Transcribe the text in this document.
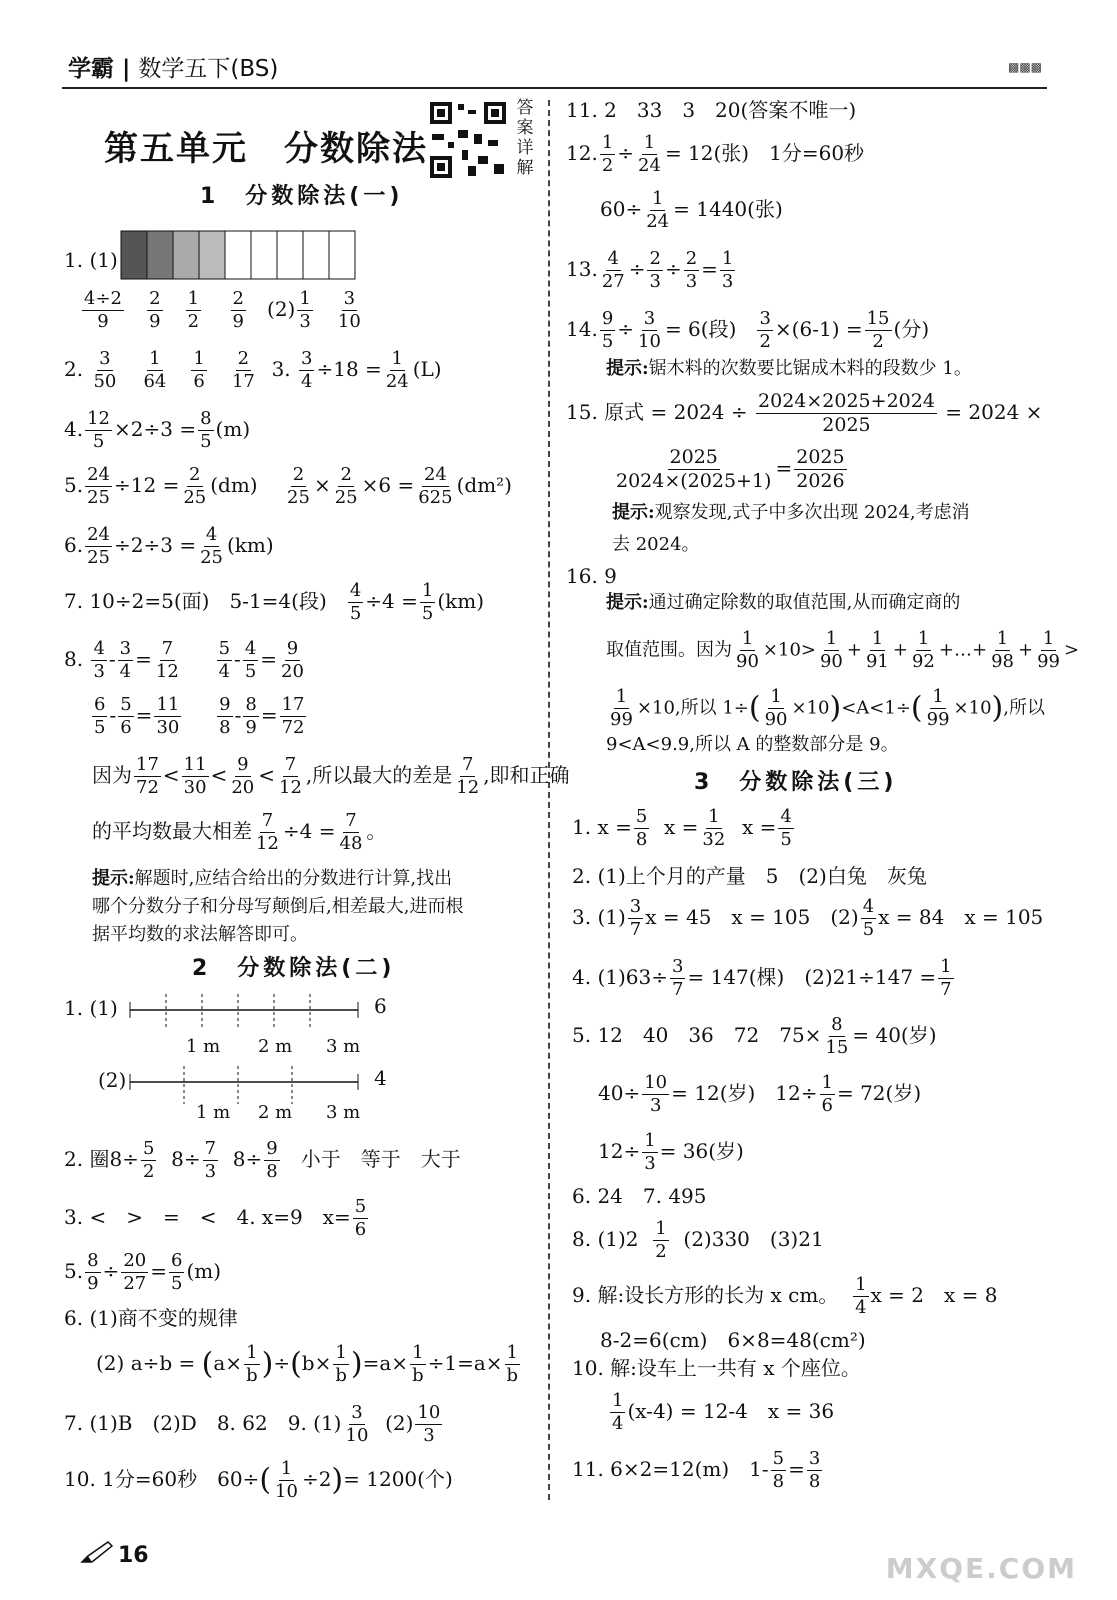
学霸 | 数学五下(BS)	▩▩▩
第五单元　分数除法
答
案
详
解
1　分数除法(一)
1. (1)
$\frac{4\div 2}{9}$
$\frac{2}{9}$
$\frac{1}{2}$
$\frac{2}{9} (2) \frac{1}{3}$
$\frac{3}{10}$
2. $\frac{3}{50}$
$\frac{1}{64}$
$\frac{1}{6}$
$\frac{2}{17} 3$. $\frac{3}{4} \div 18 = \frac{1}{24} (L)$
4. $\frac{12}{5} \times 2\div 3 = \frac{8}{5} (m)$
5. $\frac{24}{25} \div 12 = \frac{2}{25} (dm) \frac{2}{25} \times \frac{2}{25} \times 6 = \frac{24}{625} (dm^2)$
6. $\frac{24}{25} \div 2\div 3 = \frac{4}{25} (km)$
7. 10÷2=5(面)　5-1=4(段) $\frac{4}{5} \div 4 = \frac{1}{5} (km)$
8. $\frac{4}{3} - \frac{3}{4} = \frac{7}{12}$
$\frac{5}{4} - \frac{4}{5} = \frac{9}{20}$
$\frac{6}{5} - \frac{5}{6} = \frac{11}{30}$
$\frac{9}{8} - \frac{8}{9} = \frac{17}{72}$
因为 $\frac{17}{72} < \frac{11}{30} < \frac{9}{20} < \frac{7}{12}$ ,所以最大的差是 $\frac{7}{12}$ ,即和正确
的平均数最大相差 $\frac{7}{12} \div 4 = \frac{7}{48}$ 。
提示:解题时,应结合给出的分数进行计算,找出
哪个分数分子和分母写颠倒后,相差最大,进而根
据平均数的求法解答即可。
2　分数除法(二)
1. (1)	6
1 m 2 m 3 m
(2)	4
1 m 2 m 3 m
2. 圈$8\div \frac{5}{2} 8\div \frac{7}{3} 8\div \frac{9}{8}$ 小于　等于　大于
3. <　>　=　<　4. x=9　$x= \frac{5}{6}$
5. $\frac{8}{9} \div \frac{20}{27} = \frac{6}{5} (m)$
6. (1)商不变的规律
(2) $a\div b = (a\times \frac{1}{b} )\div(b\times \frac{1}{b} )=a\times \frac{1}{b} \div 1=a\times \frac{1}{b}$
7. (1)B　(2)D　8. 62　9. $(1) \frac{3}{10} (2) \frac{10}{3}$
10. 1分=60秒　$60\div( \frac{1}{10} \div 2)= 1200$(个)
16
11. 2　33　3　20(答案不唯一)
12. $\frac{1}{2} \div \frac{1}{24} = 12$(张)　1分=60秒
$60\div \frac{1}{24} = 1440$(张)
13. $\frac{4}{27} \div \frac{2}{3} \div \frac{2}{3} = \frac{1}{3}$
14. $\frac{9}{5} \div \frac{3}{10} = 6$(段) $\frac{3}{2} \times(6-1) = \frac{15}{2}$ (分)
提示:锯木料的次数要比锯成木料的段数少 1。
15. 原式 = $2024 \div \frac{2024\times 2025+2024}{2025} = 2024$ ×
$\frac{2025}{2024\times(2025+1)} = \frac{2025}{2026}$
提示:观察发现,式子中多次出现 2024,考虑消
去 2024。
16. 9
提示:通过确定除数的取值范围,从而确定商的
取值范围。因为 $\frac{1}{90} \times 10> \frac{1}{90} + \frac{1}{91} + \frac{1}{92}$ +…+ $\frac{1}{98} + \frac{1}{99}$ >
$\frac{1}{99} \times 10$,所以 $1\div( \frac{1}{90} \times 10)<A<1\div( \frac{1}{99} \times 10)$,所以
9<A<9.9,所以 A 的整数部分是 9。
3　分数除法(三)
1. $x = \frac{5}{8}$ $x = \frac{1}{32}$ $x = \frac{4}{5}$
2. (1)上个月的产量　5　(2)白兔　灰兔
3. $(1) \frac{3}{7}$ x = 45　x = 105　$(2) \frac{4}{5}$ x = 84　x = 105
4. $(1)63\div \frac{3}{7} = 147$(棵)　$(2)21\div 147 = \frac{1}{7}$
5. 12　40　36　72　$75\times \frac{8}{15} = 40$(岁)
$40\div \frac{10}{3} = 12$(岁)　$12\div \frac{1}{6} = 72$(岁)
$12\div \frac{1}{3} = 36$(岁)
6. 24　7. 495
8. $(1)2 \frac{1}{2} (2)330$　(3)21
9. 解:设长方形的长为 x cm。 $\frac{1}{4}$ x = 2　x = 8
8-2=6(cm)　6×8=48(cm²)
10. 解:设车上一共有 x 个座位。
$\frac{1}{4} (x-4) = 12-4$　x = 36
11. 6×2=12(m)　$1- \frac{5}{8} = \frac{3}{8}$
MXQE.COM
